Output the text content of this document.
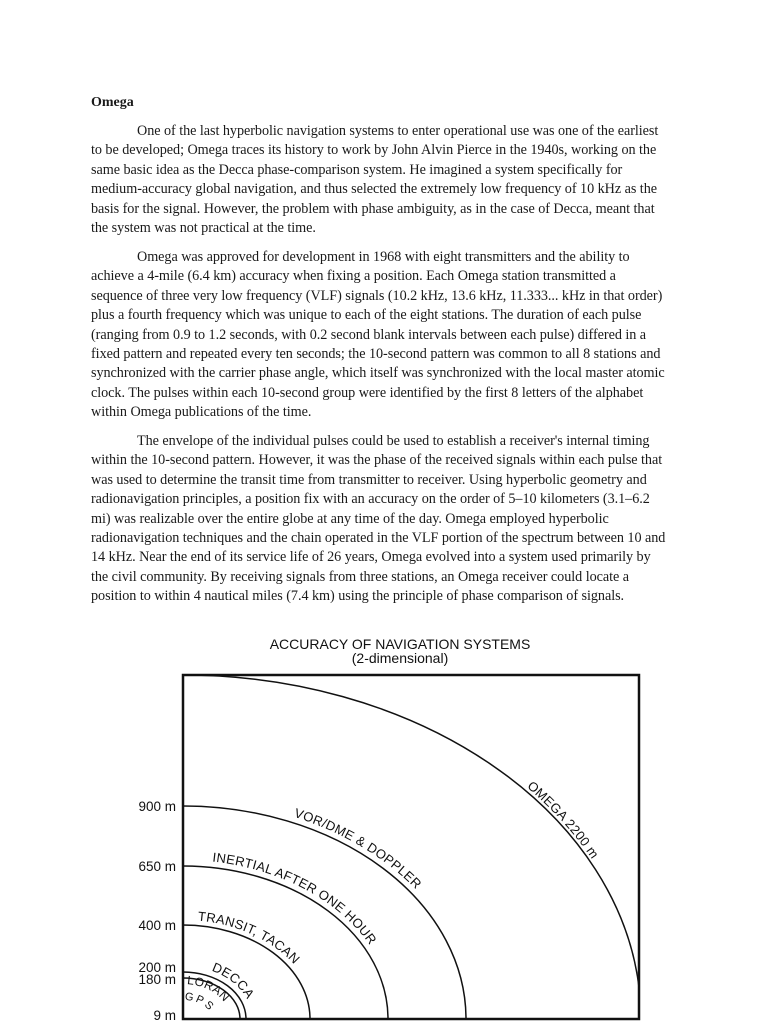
Omega

One of the last hyperbolic navigation systems to enter operational use was one of the earliest to be developed; Omega traces its history to work by John Alvin Pierce in the 1940s, working on the same basic idea as the Decca phase-comparison system. He imagined a system specifically for medium-accuracy global navigation, and thus selected the extremely low frequency of 10 kHz as the basis for the signal. However, the problem with phase ambiguity, as in the case of Decca, meant that the system was not practical at the time.

Omega was approved for development in 1968 with eight transmitters and the ability to achieve a 4-mile (6.4 km) accuracy when fixing a position. Each Omega station transmitted a sequence of three very low frequency (VLF) signals (10.2 kHz, 13.6 kHz, 11.333... kHz in that order) plus a fourth frequency which was unique to each of the eight stations. The duration of each pulse (ranging from 0.9 to 1.2 seconds, with 0.2 second blank intervals between each pulse) differed in a fixed pattern and repeated every ten seconds; the 10-second pattern was common to all 8 stations and synchronized with the carrier phase angle, which itself was synchronized with the local master atomic clock. The pulses within each 10-second group were identified by the first 8 letters of the alphabet within Omega publications of the time.

The envelope of the individual pulses could be used to establish a receiver's internal timing within the 10-second pattern. However, it was the phase of the received signals within each pulse that was used to determine the transit time from transmitter to receiver. Using hyperbolic geometry and radionavigation principles, a position fix with an accuracy on the order of 5–10 kilometers (3.1–6.2 mi) was realizable over the entire globe at any time of the day. Omega employed hyperbolic radionavigation techniques and the chain operated in the VLF portion of the spectrum between 10 and 14 kHz. Near the end of its service life of 26 years, Omega evolved into a system used primarily by the civil community. By receiving signals from three stations, an Omega receiver could locate a position to within 4 nautical miles (7.4 km) using the principle of phase comparison of signals.

ACCURACY OF NAVIGATION SYSTEMS
(2-dimensional)
OMEGA 2200 m
VOR/DME & DOPPLER
INERTIAL AFTER ONE HOUR
TRANSIT, TACAN
DECCA
LORAN
GPS
900 m
650 m
400 m
200 m
180 m
9 m
